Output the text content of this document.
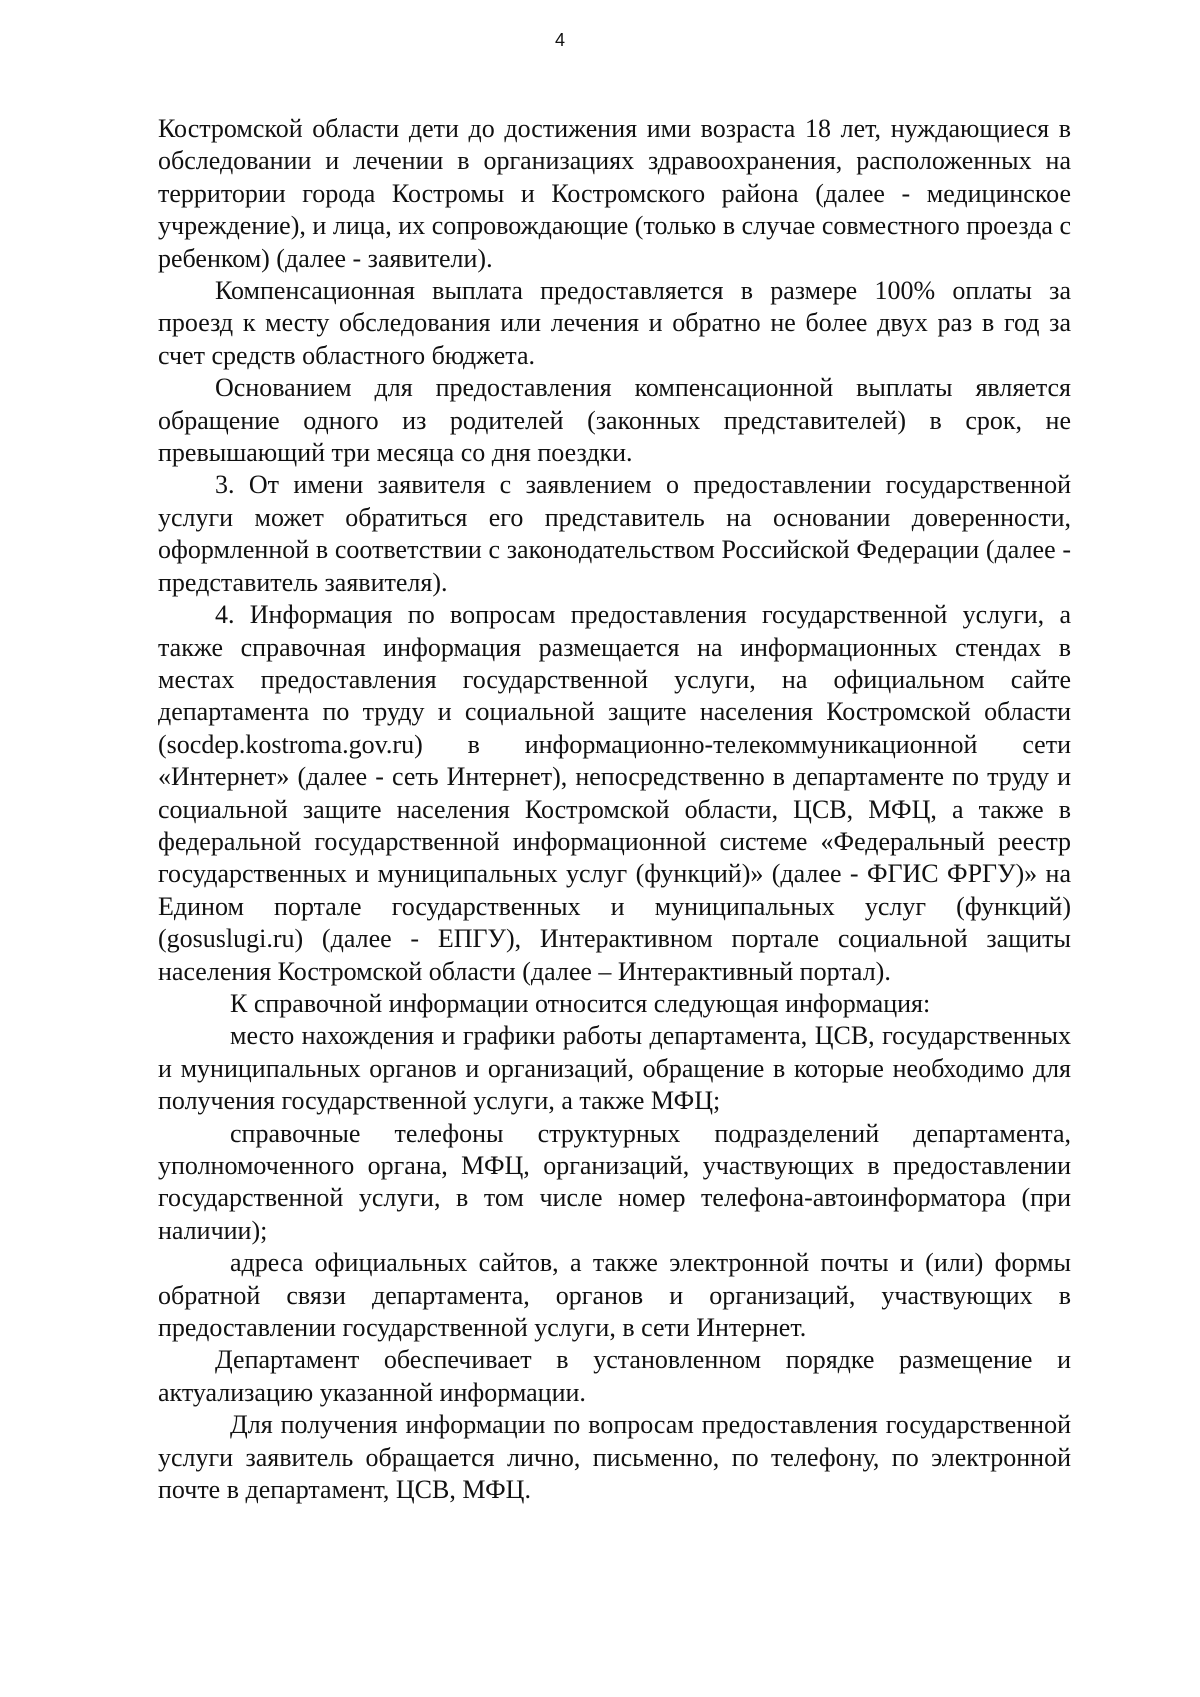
4

Костромской области дети до достижения ими возраста 18 лет, нуждающиеся в обследовании и лечении в организациях здравоохранения, расположенных на территории города Костромы и Костромского района (далее - медицинское учреждение), и лица, их сопровождающие (только в случае совместного проезда с ребенком) (далее - заявители).

Компенсационная выплата предоставляется в размере 100% оплаты за проезд к месту обследования или лечения и обратно не более двух раз в год за счет средств областного бюджета.

Основанием для предоставления компенсационной выплаты является обращение одного из родителей (законных представителей) в срок, не превышающий три месяца со дня поездки.

3. От имени заявителя с заявлением о предоставлении государственной услуги может обратиться его представитель на основании доверенности, оформленной в соответствии с законодательством Российской Федерации (далее - представитель заявителя).

4. Информация по вопросам предоставления государственной услуги, а также справочная информация размещается на информационных стендах в местах предоставления государственной услуги, на официальном сайте департамента по труду и социальной защите населения Костромской области (socdep.kostroma.gov.ru) в информационно-телекоммуникационной сети «Интернет» (далее - сеть Интернет), непосредственно в департаменте по труду и социальной защите населения Костромской области, ЦСВ, МФЦ, а также в федеральной государственной информационной системе «Федеральный реестр государственных и муниципальных услуг (функций)» (далее - ФГИС ФРГУ)» на Едином портале государственных и муниципальных услуг (функций) (gosuslugi.ru) (далее - ЕПГУ), Интерактивном портале социальной защиты населения Костромской области (далее – Интерактивный портал).

К справочной информации относится следующая информация:

место нахождения и графики работы департамента, ЦСВ, государственных и муниципальных органов и организаций, обращение в которые необходимо для получения государственной услуги, а также МФЦ;

справочные телефоны структурных подразделений департамента, уполномоченного органа, МФЦ, организаций, участвующих в предоставлении государственной услуги, в том числе номер телефона-автоинформатора (при наличии);

адреса официальных сайтов, а также электронной почты и (или) формы обратной связи департамента, органов и организаций, участвующих в предоставлении государственной услуги, в сети Интернет.

Департамент обеспечивает в установленном порядке размещение и актуализацию указанной информации.

Для получения информации по вопросам предоставления государственной услуги заявитель обращается лично, письменно, по телефону, по электронной почте в департамент, ЦСВ, МФЦ.
